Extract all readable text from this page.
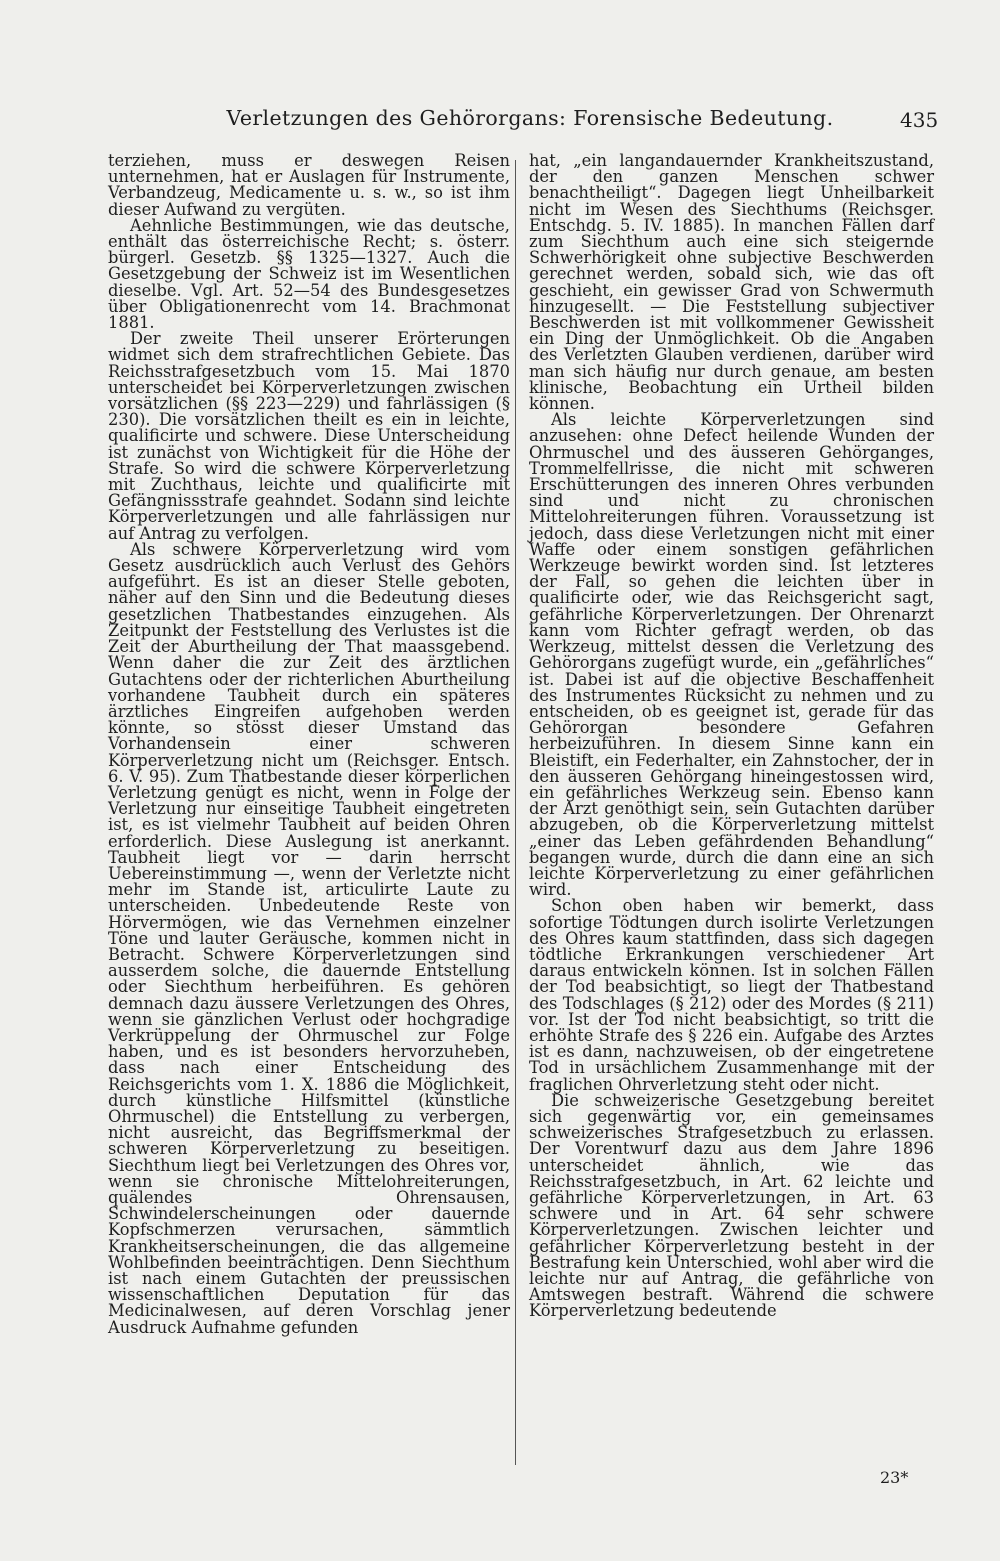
Verletzungen des Gehörorgans: Forensische Bedeutung.	435

terziehen, muss er deswegen Reisen unternehmen, hat er Auslagen für Instrumente, Verbandzeug, Medicamente u. s. w., so ist ihm dieser Aufwand zu vergüten.

Aehnliche Bestimmungen, wie das deutsche, enthält das österreichische Recht; s. österr. bürgerl. Gesetzb. §§ 1325—1327. Auch die Gesetzgebung der Schweiz ist im Wesentlichen dieselbe. Vgl. Art. 52—54 des Bundesgesetzes über Obligationenrecht vom 14. Brachmonat 1881.

Der zweite Theil unserer Erörterungen widmet sich dem strafrechtlichen Gebiete. Das Reichsstrafgesetzbuch vom 15. Mai 1870 unterscheidet bei Körperverletzungen zwischen vorsätzlichen (§§ 223—229) und fahrlässigen (§ 230). Die vorsätzlichen theilt es ein in leichte, qualificirte und schwere. Diese Unterscheidung ist zunächst von Wichtigkeit für die Höhe der Strafe. So wird die schwere Körperverletzung mit Zuchthaus, leichte und qualificirte mit Gefängnissstrafe geahndet. Sodann sind leichte Körperverletzungen und alle fahrlässigen nur auf Antrag zu verfolgen.

Als schwere Körperverletzung wird vom Gesetz ausdrücklich auch Verlust des Gehörs aufgeführt. Es ist an dieser Stelle geboten, näher auf den Sinn und die Bedeutung dieses gesetzlichen Thatbestandes einzugehen. Als Zeitpunkt der Feststellung des Verlustes ist die Zeit der Aburtheilung der That maassgebend. Wenn daher die zur Zeit des ärztlichen Gutachtens oder der richterlichen Aburtheilung vorhandene Taubheit durch ein späteres ärztliches Eingreifen aufgehoben werden könnte, so stösst dieser Umstand das Vorhandensein einer schweren Körperverletzung nicht um (Reichsger. Entsch. 6. V. 95). Zum Thatbestande dieser körperlichen Verletzung genügt es nicht, wenn in Folge der Verletzung nur einseitige Taubheit eingetreten ist, es ist vielmehr Taubheit auf beiden Ohren erforderlich. Diese Auslegung ist anerkannt. Taubheit liegt vor — darin herrscht Uebereinstimmung —, wenn der Verletzte nicht mehr im Stande ist, articulirte Laute zu unterscheiden. Unbedeutende Reste von Hörvermögen, wie das Vernehmen einzelner Töne und lauter Geräusche, kommen nicht in Betracht. Schwere Körperverletzungen sind ausserdem solche, die dauernde Entstellung oder Siechthum herbeiführen. Es gehören demnach dazu äussere Verletzungen des Ohres, wenn sie gänzlichen Verlust oder hochgradige Verkrüppelung der Ohrmuschel zur Folge haben, und es ist besonders hervorzuheben, dass nach einer Entscheidung des Reichsgerichts vom 1. X. 1886 die Möglichkeit, durch künstliche Hilfsmittel (künstliche Ohrmuschel) die Entstellung zu verbergen, nicht ausreicht, das Begriffsmerkmal der schweren Körperverletzung zu beseitigen. Siechthum liegt bei Verletzungen des Ohres vor, wenn sie chronische Mittelohreiterungen, quälendes Ohrensausen, Schwindelerscheinungen oder dauernde Kopfschmerzen verursachen, sämmtlich Krankheitserscheinungen, die das allgemeine Wohlbefinden beeinträchtigen. Denn Siechthum ist nach einem Gutachten der preussischen wissenschaftlichen Deputation für das Medicinalwesen, auf deren Vorschlag jener Ausdruck Aufnahme gefunden

hat, „ein langandauernder Krankheitszustand, der den ganzen Menschen schwer benachtheiligt“. Dagegen liegt Unheilbarkeit nicht im Wesen des Siechthums (Reichsger. Entschdg. 5. IV. 1885). In manchen Fällen darf zum Siechthum auch eine sich steigernde Schwerhörigkeit ohne subjective Beschwerden gerechnet werden, sobald sich, wie das oft geschieht, ein gewisser Grad von Schwermuth hinzugesellt. — Die Feststellung subjectiver Beschwerden ist mit vollkommener Gewissheit ein Ding der Unmöglichkeit. Ob die Angaben des Verletzten Glauben verdienen, darüber wird man sich häufig nur durch genaue, am besten klinische, Beobachtung ein Urtheil bilden können.

Als leichte Körperverletzungen sind anzusehen: ohne Defect heilende Wunden der Ohrmuschel und des äusseren Gehörganges, Trommelfellrisse, die nicht mit schweren Erschütterungen des inneren Ohres verbunden sind und nicht zu chronischen Mittelohreiterungen führen. Voraussetzung ist jedoch, dass diese Verletzungen nicht mit einer Waffe oder einem sonstigen gefährlichen Werkzeuge bewirkt worden sind. Ist letzteres der Fall, so gehen die leichten über in qualificirte oder, wie das Reichsgericht sagt, gefährliche Körperverletzungen. Der Ohrenarzt kann vom Richter gefragt werden, ob das Werkzeug, mittelst dessen die Verletzung des Gehörorgans zugefügt wurde, ein „gefährliches“ ist. Dabei ist auf die objective Beschaffenheit des Instrumentes Rücksicht zu nehmen und zu entscheiden, ob es geeignet ist, gerade für das Gehörorgan besondere Gefahren herbeizuführen. In diesem Sinne kann ein Bleistift, ein Federhalter, ein Zahnstocher, der in den äusseren Gehörgang hineingestossen wird, ein gefährliches Werkzeug sein. Ebenso kann der Arzt genöthigt sein, sein Gutachten darüber abzugeben, ob die Körperverletzung mittelst „einer das Leben gefährdenden Behandlung“ begangen wurde, durch die dann eine an sich leichte Körperverletzung zu einer gefährlichen wird.

Schon oben haben wir bemerkt, dass sofortige Tödtungen durch isolirte Verletzungen des Ohres kaum stattfinden, dass sich dagegen tödtliche Erkrankungen verschiedener Art daraus entwickeln können. Ist in solchen Fällen der Tod beabsichtigt, so liegt der Thatbestand des Todschlages (§ 212) oder des Mordes (§ 211) vor. Ist der Tod nicht beabsichtigt, so tritt die erhöhte Strafe des § 226 ein. Aufgabe des Arztes ist es dann, nachzuweisen, ob der eingetretene Tod in ursächlichem Zusammenhange mit der fraglichen Ohrverletzung steht oder nicht.

Die schweizerische Gesetzgebung bereitet sich gegenwärtig vor, ein gemeinsames schweizerisches Strafgesetzbuch zu erlassen. Der Vorentwurf dazu aus dem Jahre 1896 unterscheidet ähnlich, wie das Reichsstrafgesetzbuch, in Art. 62 leichte und gefährliche Körperverletzungen, in Art. 63 schwere und in Art. 64 sehr schwere Körperverletzungen. Zwischen leichter und gefährlicher Körperverletzung besteht in der Bestrafung kein Unterschied, wohl aber wird die leichte nur auf Antrag, die gefährliche von Amtswegen bestraft. Während die schwere Körperverletzung bedeutende

23*
